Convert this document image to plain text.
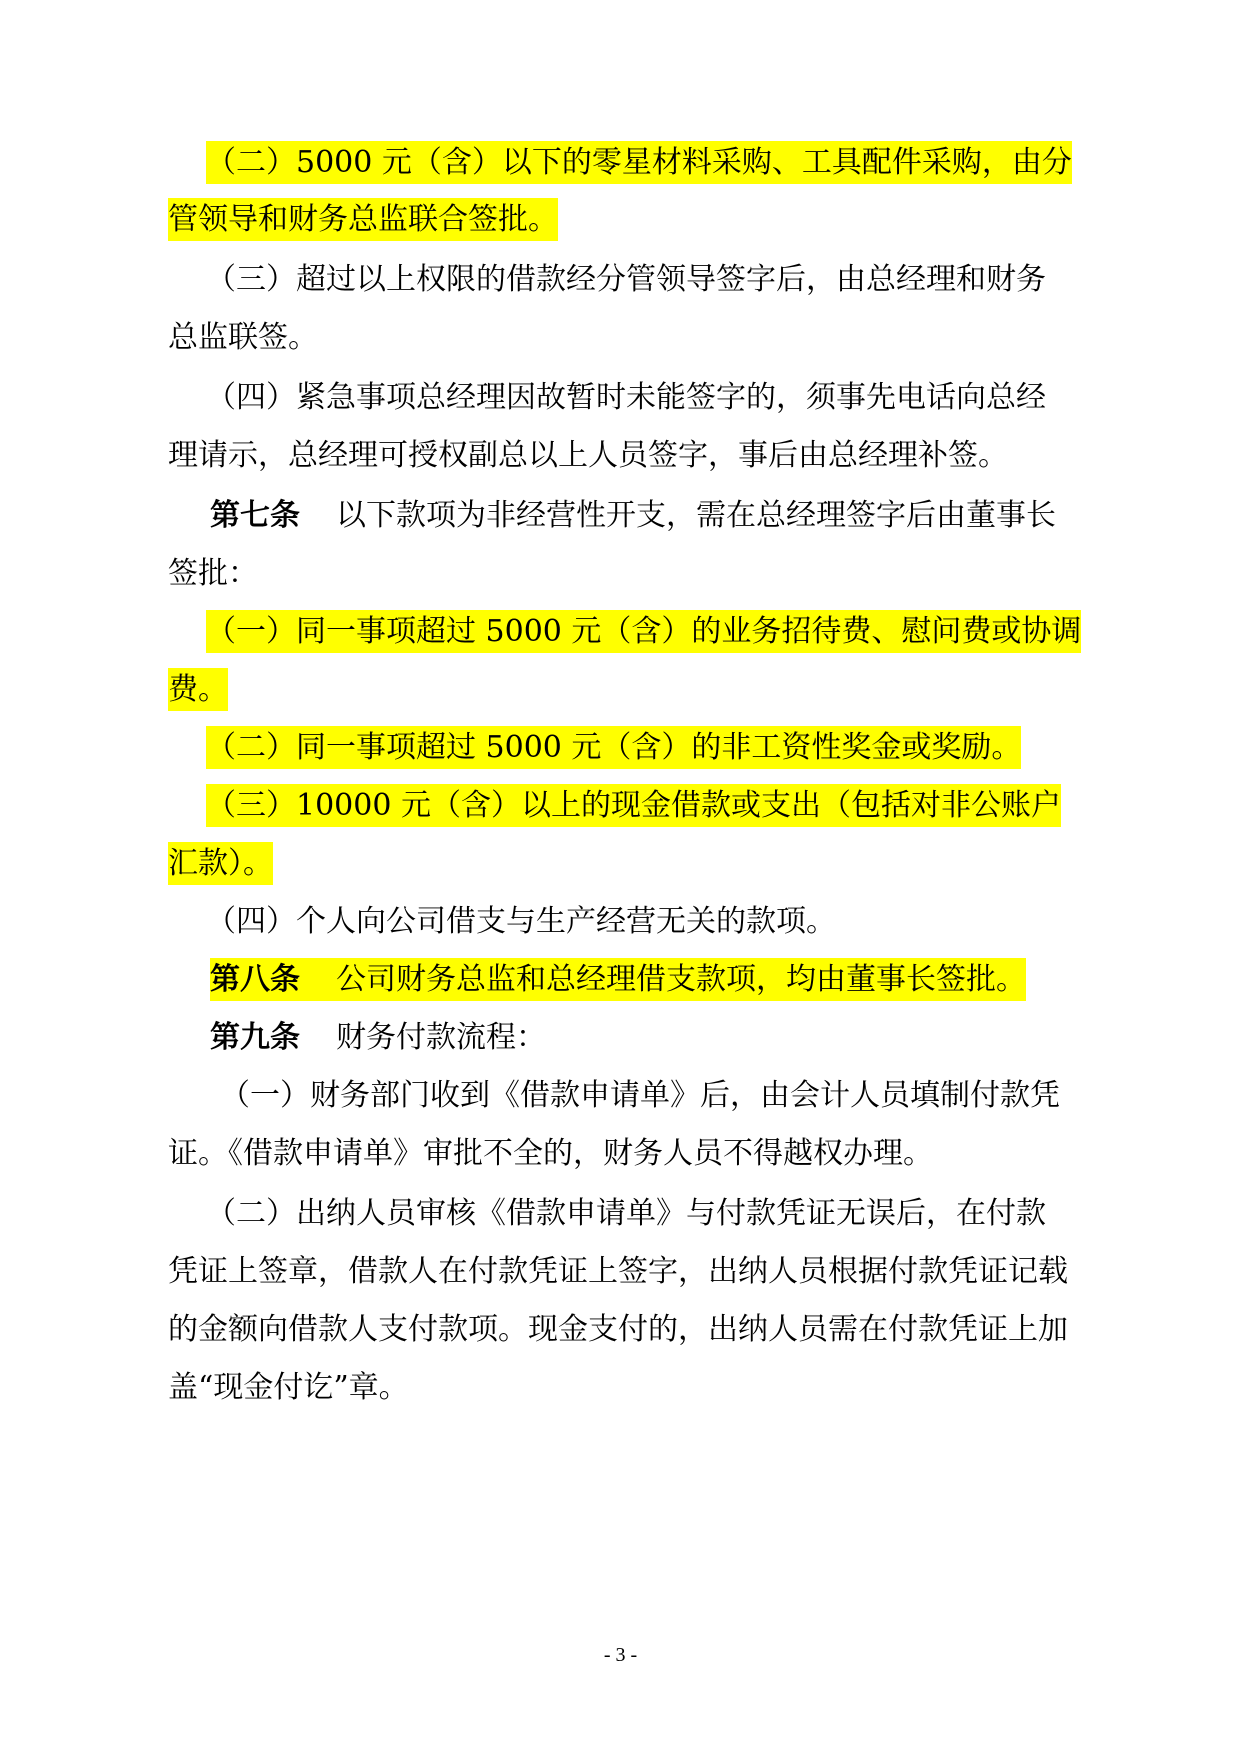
（二）5000 元（含）以下的零星材料采购、工具配件采购，由分
管领导和财务总监联合签批。
（三）超过以上权限的借款经分管领导签字后，由总经理和财务
总监联签。
（四）紧急事项总经理因故暂时未能签字的，须事先电话向总经
理请示，总经理可授权副总以上人员签字，事后由总经理补签。
第七条 以下款项为非经营性开支，需在总经理签字后由董事长
签批：
（一）同一事项超过 5000 元（含）的业务招待费、慰问费或协调
费。
（二）同一事项超过 5000 元（含）的非工资性奖金或奖励。
（三）10000 元（含）以上的现金借款或支出（包括对非公账户
汇款）。
（四）个人向公司借支与生产经营无关的款项。
第八条 公司财务总监和总经理借支款项，均由董事长签批。
第九条 财务付款流程：
（一）财务部门收到《借款申请单》后，由会计人员填制付款凭
证。《借款申请单》审批不全的，财务人员不得越权办理。
（二）出纳人员审核《借款申请单》与付款凭证无误后，在付款
凭证上签章，借款人在付款凭证上签字，出纳人员根据付款凭证记载
的金额向借款人支付款项。现金支付的，出纳人员需在付款凭证上加
盖“现金付讫”章。
- 3 -
